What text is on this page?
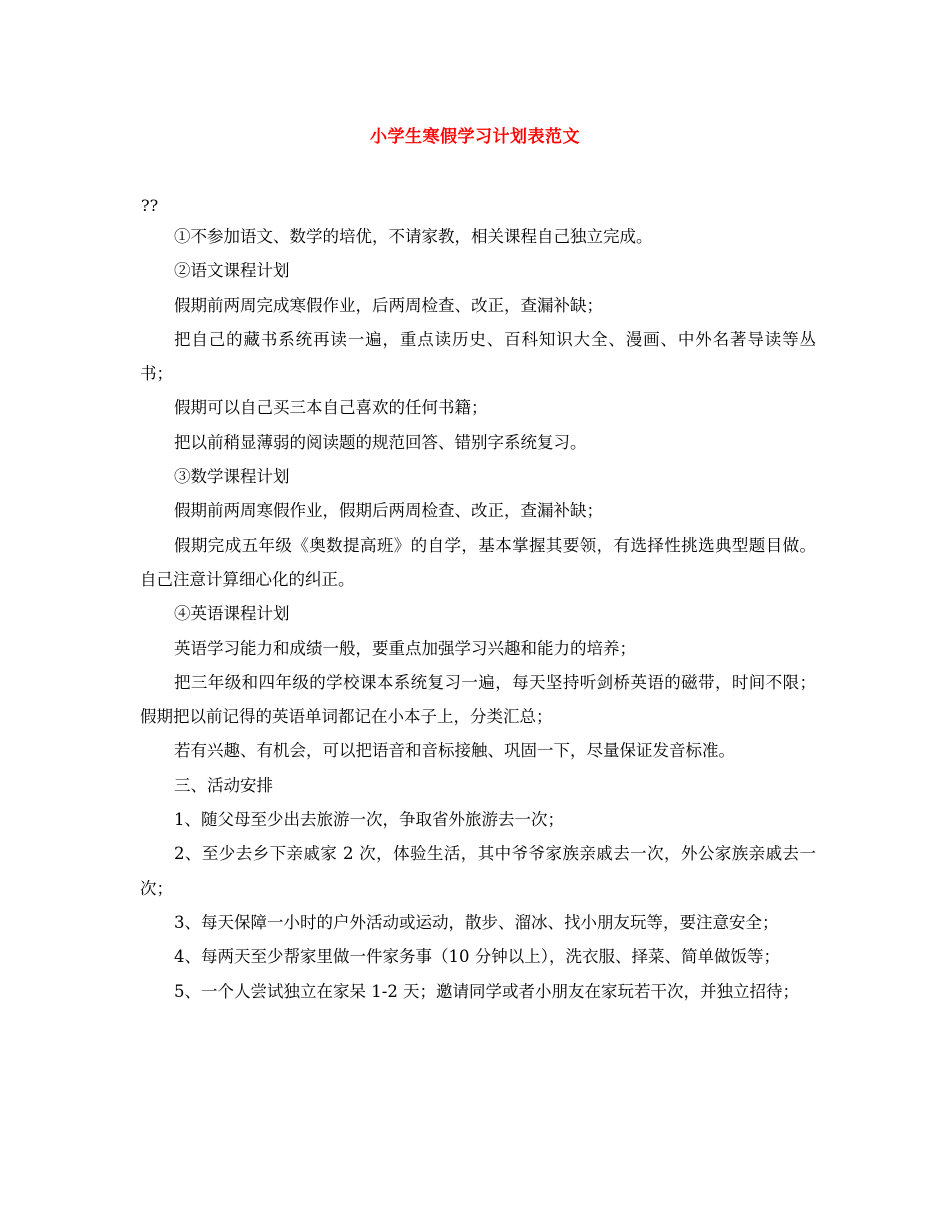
小学生寒假学习计划表范文
??

①不参加语文、数学的培优，不请家教，相关课程自己独立完成。

②语文课程计划

假期前两周完成寒假作业，后两周检查、改正，查漏补缺；

把自己的藏书系统再读一遍，重点读历史、百科知识大全、漫画、中外名著导读等丛书；

假期可以自己买三本自己喜欢的任何书籍；

把以前稍显薄弱的阅读题的规范回答、错别字系统复习。

③数学课程计划

假期前两周寒假作业，假期后两周检查、改正，查漏补缺；

假期完成五年级《奥数提高班》的自学，基本掌握其要领，有选择性挑选典型题目做。 自己注意计算细心化的纠正。

④英语课程计划

英语学习能力和成绩一般，要重点加强学习兴趣和能力的培养；

把三年级和四年级的学校课本系统复习一遍，每天坚持听剑桥英语的磁带，时间不限； 假期把以前记得的英语单词都记在小本子上，分类汇总；

若有兴趣、有机会，可以把语音和音标接触、巩固一下，尽量保证发音标准。

三、活动安排

1、随父母至少出去旅游一次，争取省外旅游去一次；

2、至少去乡下亲戚家 2 次，体验生活，其中爷爷家族亲戚去一次，外公家族亲戚去一次；

3、每天保障一小时的户外活动或运动，散步、溜冰、找小朋友玩等，要注意安全；

4、每两天至少帮家里做一件家务事（10 分钟以上），洗衣服、择菜、简单做饭等；

5、一个人尝试独立在家呆 1-2 天；邀请同学或者小朋友在家玩若干次，并独立招待；
